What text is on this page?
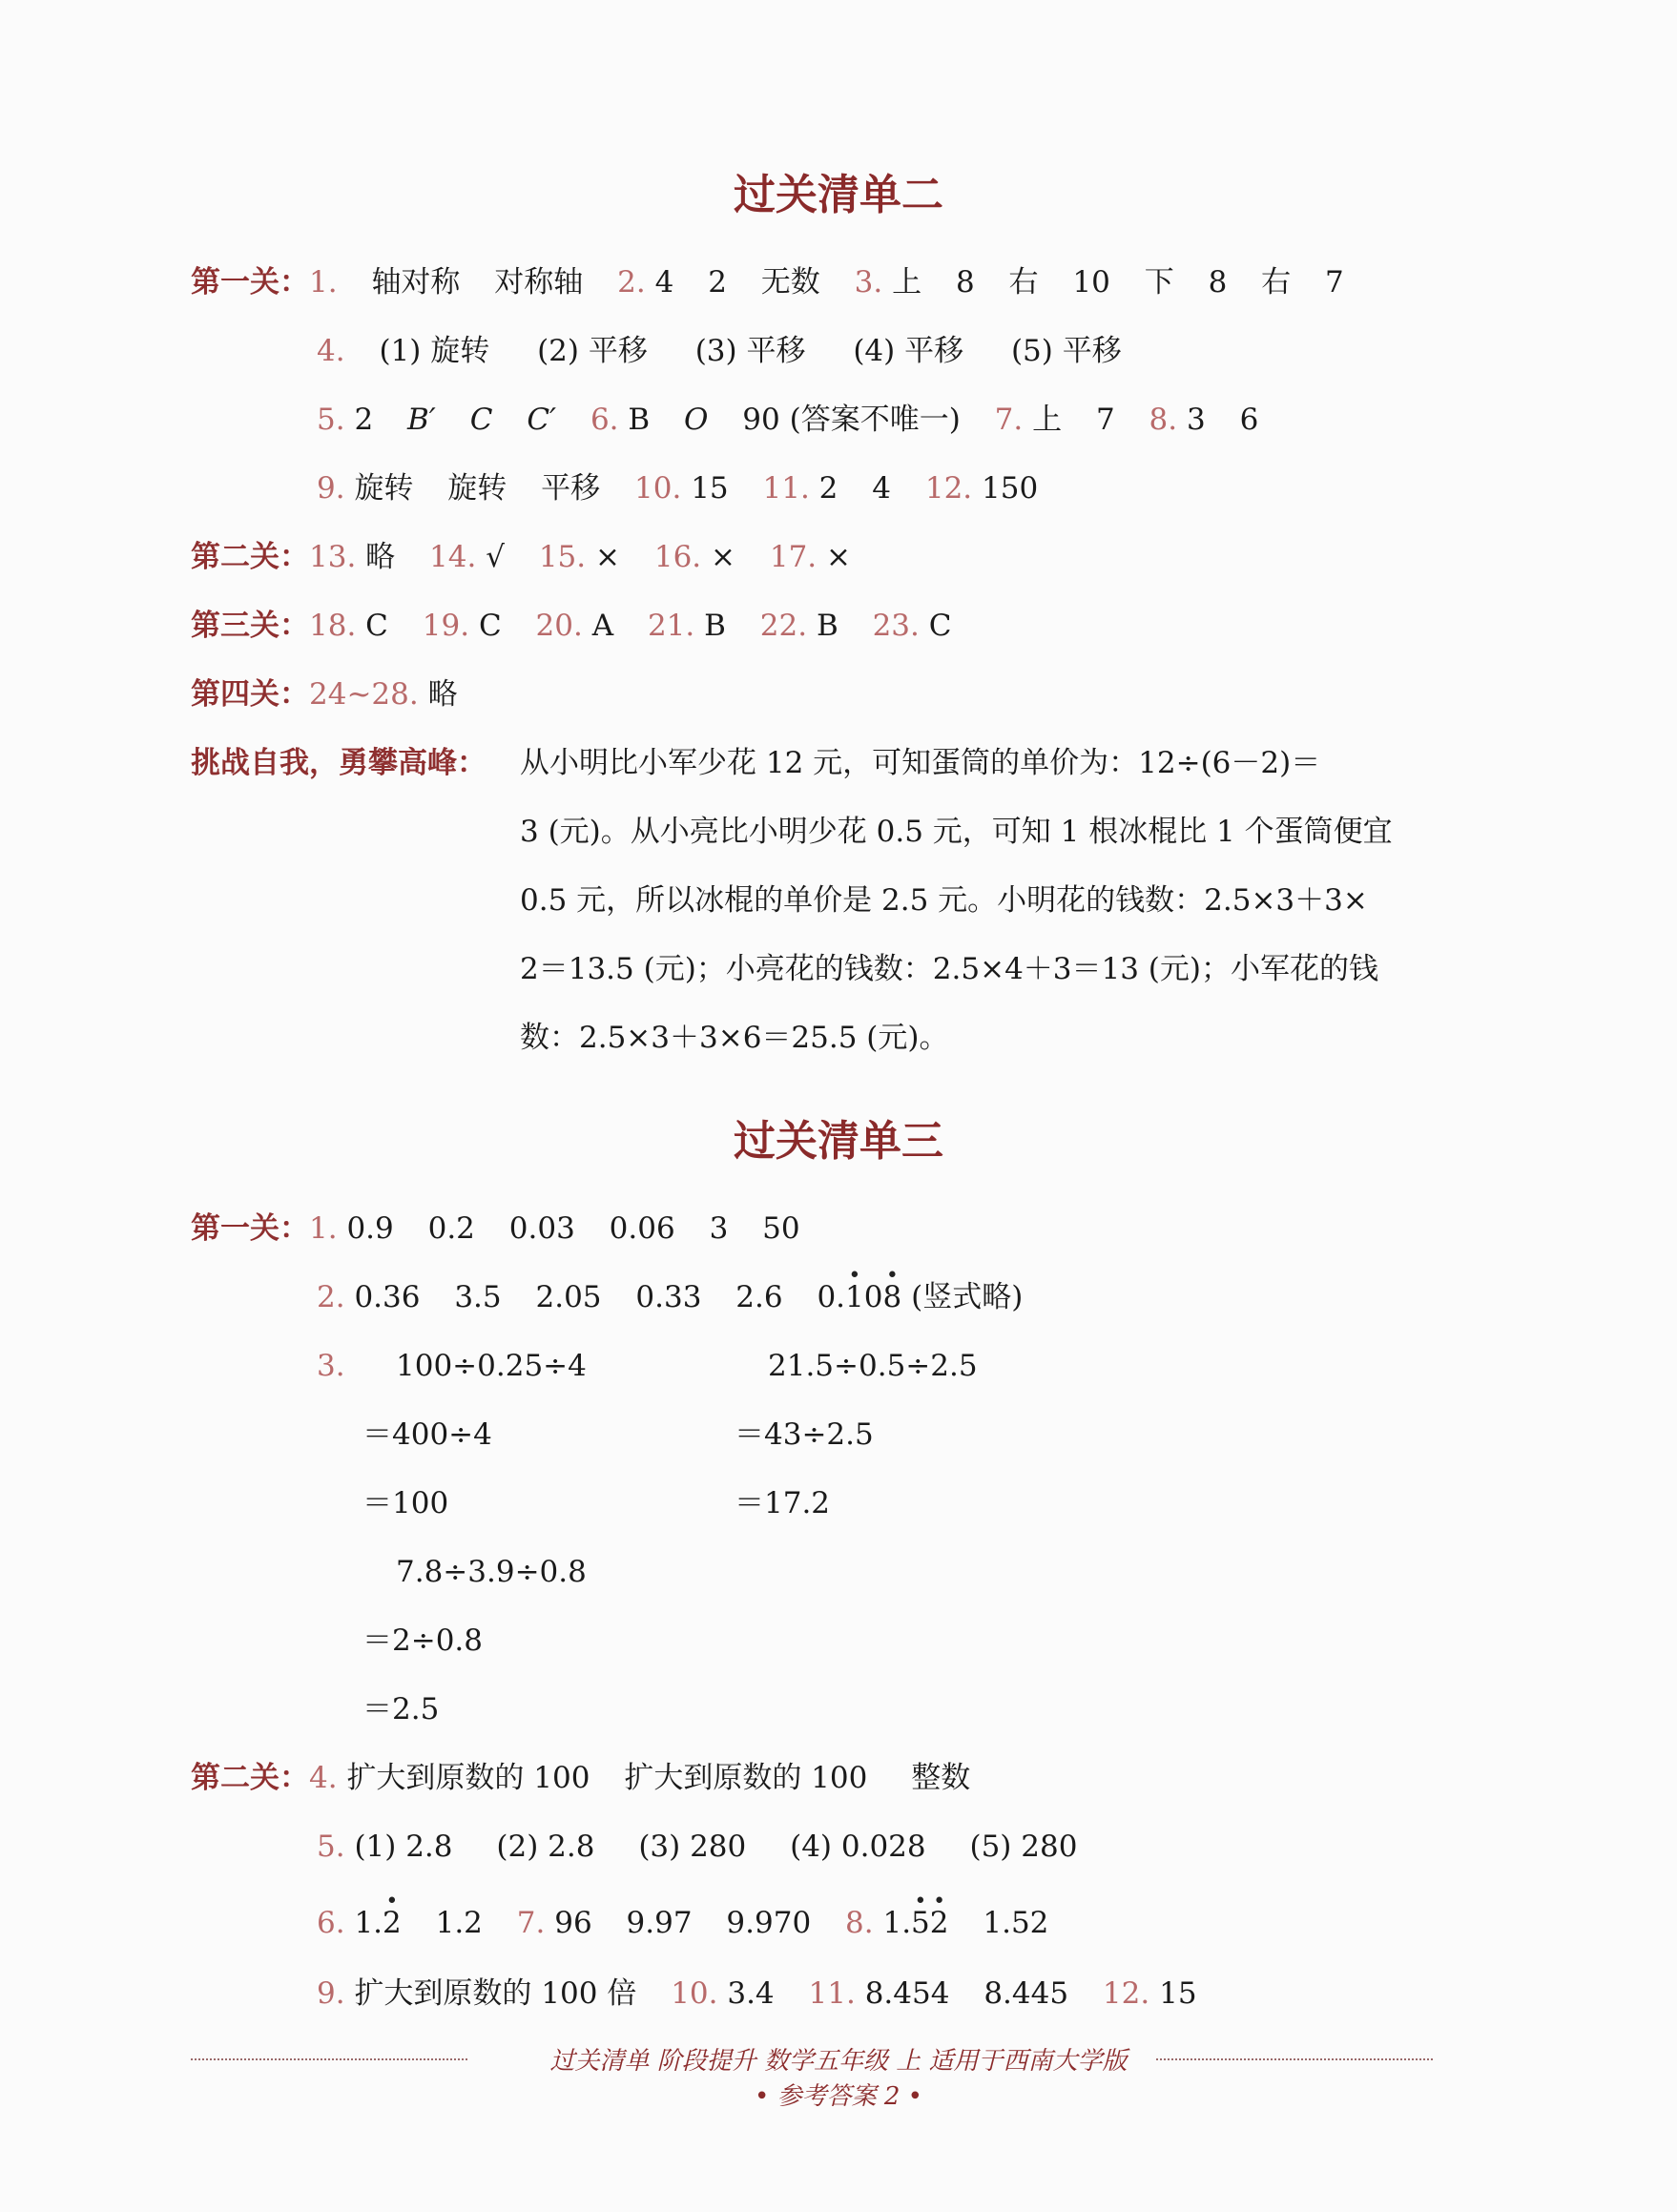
过关清单二
第一关：1. 轴对称 对称轴 2. 4 2 无数 3. 上 8 右 10 下 8 右 7
4. (1) 旋转 (2) 平移 (3) 平移 (4) 平移 (5) 平移
5. 2 B′ C C′ 6. B O 90 (答案不唯一) 7. 上 7 8. 3 6
9. 旋转 旋转 平移 10. 15 11. 2 4 12. 150
第二关：13. 略 14. √ 15. × 16. × 17. ×
第三关：18. C 19. C 20. A 21. B 22. B 23. C
第四关：24~28. 略
挑战自我，勇攀高峰： 从小明比小军少花 12 元，可知蛋筒的单价为：12÷(6－2)＝
3 (元)。从小亮比小明少花 0.5 元，可知 1 根冰棍比 1 个蛋筒便宜
0.5 元，所以冰棍的单价是 2.5 元。小明花的钱数：2.5×3＋3×
2＝13.5 (元)；小亮花的钱数：2.5×4＋3＝13 (元)；小军花的钱
数：2.5×3＋3×6＝25.5 (元)。
过关清单三
第一关：1. 0.9 0.2 0.03 0.06 3 50
2. 0.36 3.5 2.05 0.33 2.6 0.• 10• 8 (竖式略)
3. 100÷0.25÷4
＝400÷4
＝100
21.5÷0.5÷2.5
＝43÷2.5
＝17.2
7.8÷3.9÷0.8
＝2÷0.8
＝2.5
第二关：4. 扩大到原数的 100 扩大到原数的 100 整数
5. (1) 2.8 (2) 2.8 (3) 280 (4) 0.028 (5) 280
6. 1.• 2 1.2 7. 96 9.97 9.970 8. 1.• 5• 2 1.52
9. 扩大到原数的 100 倍 10. 3.4 11. 8.454 8.445 12. 15
过关清单 阶段提升 数学五年级 上 适用于西南大学版
• 参考答案 2 •
